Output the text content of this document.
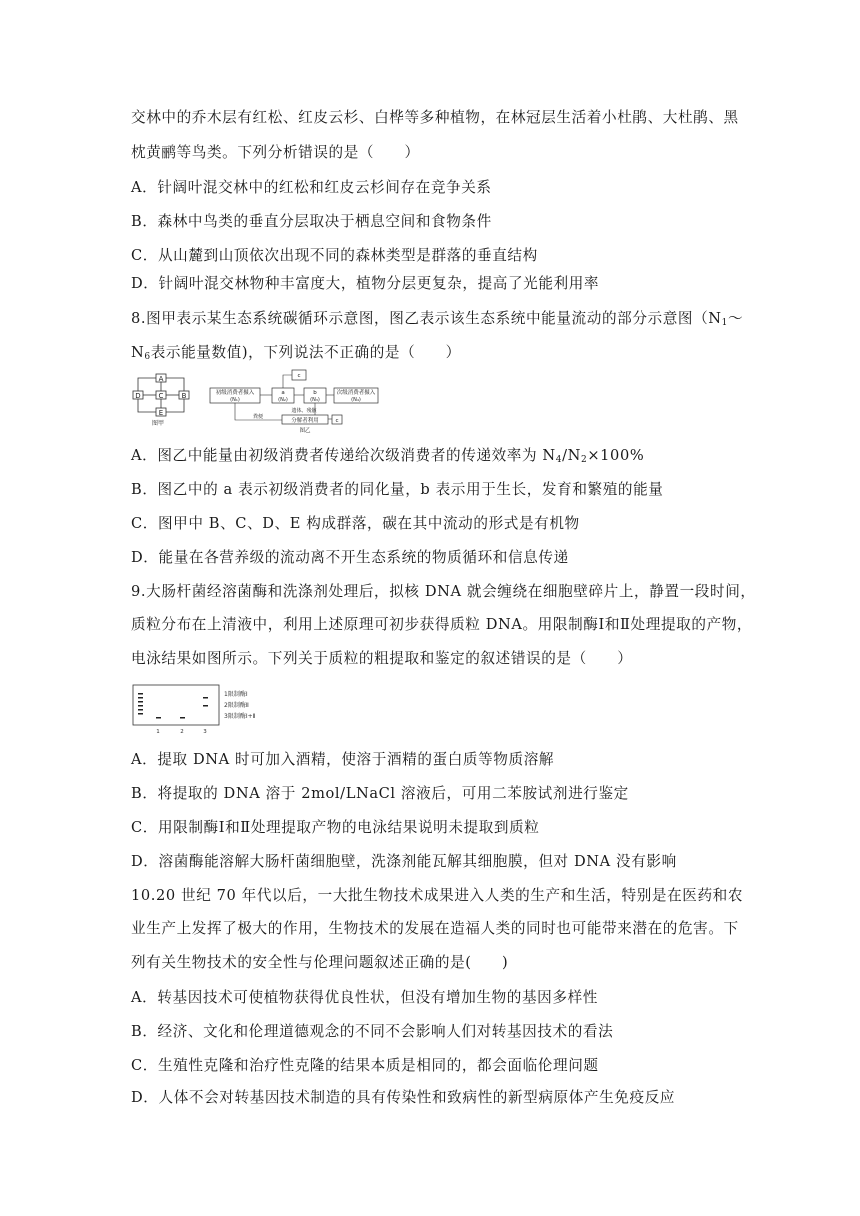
交林中的乔木层有红松、红皮云杉、白桦等多种植物，在林冠层生活着小杜鹃、大杜鹃、黑
枕黄鹂等鸟类。下列分析错误的是（　　）
A．针阔叶混交林中的红松和红皮云杉间存在竞争关系
B．森林中鸟类的垂直分层取决于栖息空间和食物条件
C．从山麓到山顶依次出现不同的森林类型是群落的垂直结构
D．针阔叶混交林物种丰富度大，植物分层更复杂，提高了光能利用率
8.图甲表示某生态系统碳循环示意图，图乙表示该生态系统中能量流动的部分示意图（$N_1\sim$
$N_6$表示能量数值)，下列说法不正确的是（　　）
A
B
C
D
E
图甲
初级消费者摄入
(N₁)
a
(N₂)
b
(N₃)
次级消费者摄入
(N₄)
c
遗体、残骸
粪便
分解者利用	c
图乙
A．图乙中能量由初级消费者传递给次级消费者的传递效率为 $N_4/N_2\times 100\%$
B．图乙中的 a 表示初级消费者的同化量，b 表示用于生长，发育和繁殖的能量
C．图甲中 B、C、D、E 构成群落，碳在其中流动的形式是有机物
D．能量在各营养级的流动离不开生态系统的物质循环和信息传递
9.大肠杆菌经溶菌酶和洗涤剂处理后，拟核 DNA 就会缠绕在细胞壁碎片上，静置一段时间，
质粒分布在上清液中，利用上述原理可初步获得质粒 DNA。用限制酶Ⅰ和Ⅱ处理提取的产物，
电泳结果如图所示。下列关于质粒的粗提取和鉴定的叙述错误的是（　　）
1	2	3
1限制酶Ⅰ
2限制酶Ⅱ
3限制酶Ⅰ+Ⅱ
A．提取 DNA 时可加入酒精，使溶于酒精的蛋白质等物质溶解
B．将提取的 DNA 溶于 2mol/LNaCl 溶液后，可用二苯胺试剂进行鉴定
C．用限制酶Ⅰ和Ⅱ处理提取产物的电泳结果说明未提取到质粒
D．溶菌酶能溶解大肠杆菌细胞壁，洗涤剂能瓦解其细胞膜，但对 DNA 没有影响
10.20 世纪 70 年代以后，一大批生物技术成果进入人类的生产和生活，特别是在医药和农
业生产上发挥了极大的作用，生物技术的发展在造福人类的同时也可能带来潜在的危害。下
列有关生物技术的安全性与伦理问题叙述正确的是(　　)
A．转基因技术可使植物获得优良性状，但没有增加生物的基因多样性
B．经济、文化和伦理道德观念的不同不会影响人们对转基因技术的看法
C．生殖性克隆和治疗性克隆的结果本质是相同的，都会面临伦理问题
D．人体不会对转基因技术制造的具有传染性和致病性的新型病原体产生免疫反应
